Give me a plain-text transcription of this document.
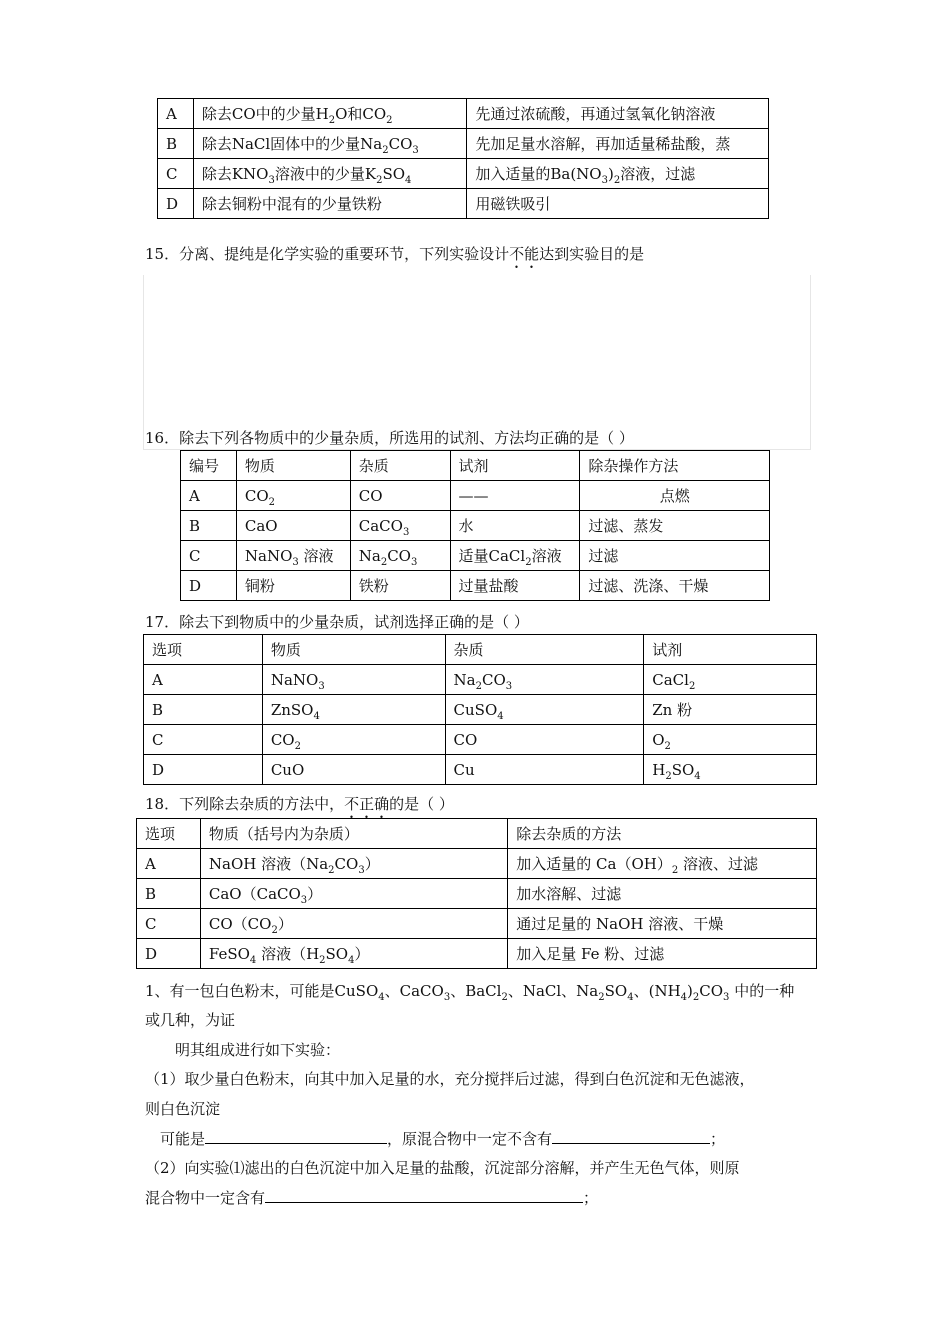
A	除去CO中的少量$H_2O$和$CO_2$	先通过浓硫酸，再通过氢氧化钠溶液
B	除去NaCl固体中的少量$Na_2CO_3$	先加足量水溶解，再加适量稀盐酸，蒸
C	除去$KNO_3$溶液中的少量$K_2SO_4$	加入适量的$Ba(NO_3)_2$溶液，过滤
D	除去铜粉中混有的少量铁粉	用磁铁吸引
15．分离、提纯是化学实验的重要环节，下列实验设计不能达到实验目的是
16．除去下列各物质中的少量杂质，所选用的试剂、方法均正确的是（ ）
编号	物质	杂质	试剂	除杂操作方法
A	$CO_2$	CO	——	点燃
B	CaO	CaCO$_3$	水	过滤、蒸发
C	NaNO$_3$ 溶液	$Na_2CO_3$	适量CaCl$_2$溶液	过滤
D	铜粉	铁粉	过量盐酸	过滤、洗涤、干燥
17．除去下到物质中的少量杂质，试剂选择正确的是（ ）
选项	物质	杂质	试剂
A	NaNO$_3$	$Na_2CO_3$	CaCl$_2$
B	ZnSO$_4$	CuSO$_4$	Zn 粉
C	$CO_2$	CO	$O_2$
D	CuO	Cu	$H_2SO_4$
18．下列除去杂质的方法中，不正确的是（ ）
选项	物质（括号内为杂质）	除去杂质的方法
A	NaOH 溶液$(Na_2CO_3)$	加入适量的 $Ca(OH)_2$ 溶液、过滤
B	CaO（CaCO$_3$）	加水溶解、过滤
C	$CO(CO_2)$	通过足量的 NaOH 溶液、干燥
D	FeSO$_4$ 溶液$(H_2SO_4)$	加入足量 Fe 粉、过滤
1、有一包白色粉末，可能是CuSO$_4$、CaCO$_3$、BaCl$_2$、NaCl、$Na_2SO_4$、$(NH_4)_2CO_3$ 中的一种
或几种，为证
明其组成进行如下实验：
（1）取少量白色粉末，向其中加入足量的水，充分搅拌后过滤，得到白色沉淀和无色滤液，
则白色沉淀
可能是	，原混合物中一定不含有	；
（2）向实验⑴滤出的白色沉淀中加入足量的盐酸，沉淀部分溶解，并产生无色气体，则原
混合物中一定含有	；
